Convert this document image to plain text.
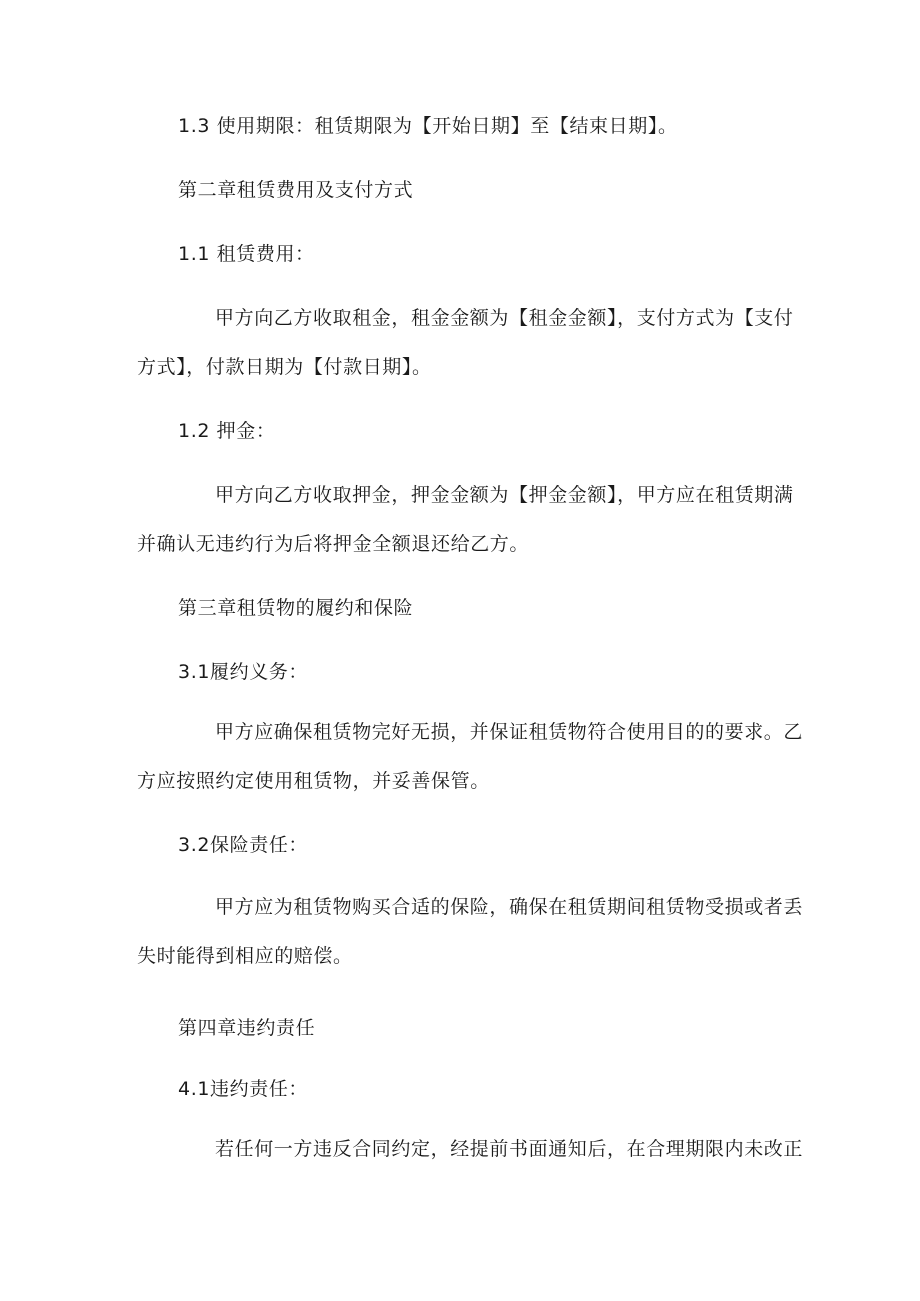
1.3 使用期限：租赁期限为【开始日期】至【结束日期】。
第二章租赁费用及支付方式
1.1 租赁费用：
甲方向乙方收取租金，租金金额为【租金金额】，支付方式为【支付
方式】，付款日期为【付款日期】。
1.2 押金：
甲方向乙方收取押金，押金金额为【押金金额】，甲方应在租赁期满
并确认无违约行为后将押金全额退还给乙方。
第三章租赁物的履约和保险
3.1履约义务：
甲方应确保租赁物完好无损，并保证租赁物符合使用目的的要求。乙
方应按照约定使用租赁物，并妥善保管。
3.2保险责任：
甲方应为租赁物购买合适的保险，确保在租赁期间租赁物受损或者丢
失时能得到相应的赔偿。
第四章违约责任
4.1违约责任：
若任何一方违反合同约定，经提前书面通知后，在合理期限内未改正
